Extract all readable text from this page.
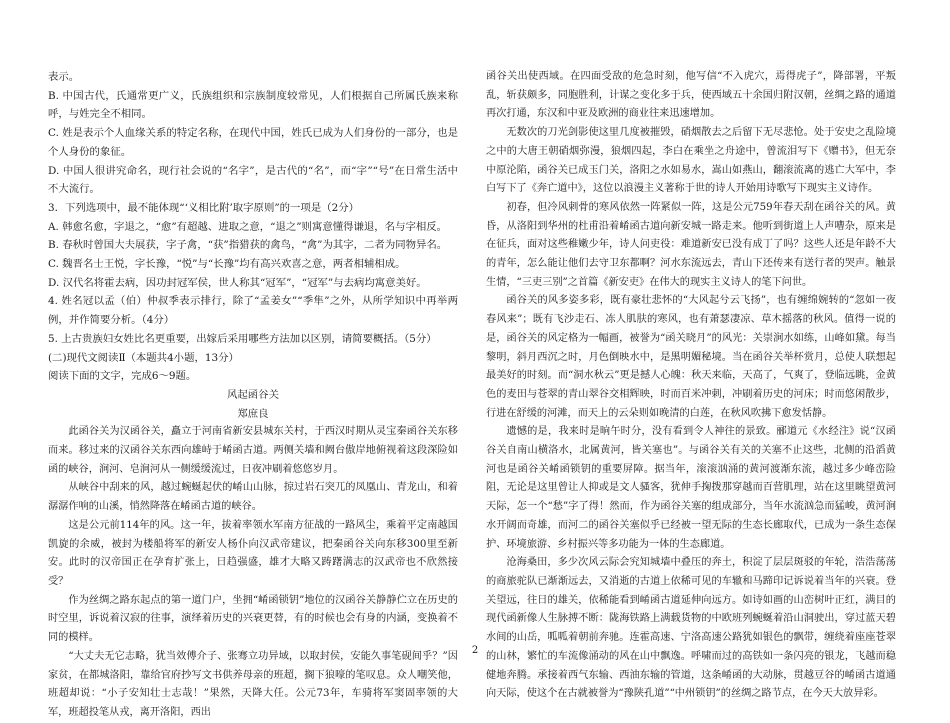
表示。

B. 中国古代，氏通常更广义，氏族组织和宗族制度较常见，人们根据自己所属氏族来称呼，与姓完全不相同。

C. 姓是表示个人血缘关系的特定名称，在现代中国，姓氏已成为人们身份的一部分，也是个人身份的象征。

D. 中国人很讲究命名，现行社会说的“名字”，是古代的“名”，而“字”“号”在日常生活中不大流行。

3．下列选项中，最不能体现“‘义相比附’取字原则”的一项是（2分）

A. 韩愈名愈，字退之，“愈”有超越、进取之意，“退之”则寓意懂得谦退，名与字相反。

B. 春秋时曾国大夫展获，字子禽，“获”指猎获的禽鸟，“禽”为其字，二者为同物异名。

C. 魏晋名士王悦，字长豫，“悦”与“长豫”均有高兴欢喜之意，两者相辅相成。

D. 汉代名将霍去病，因功封冠军侯，世人称其“冠军”，“冠军”与去病均寓意美好。

4. 姓名冠以孟（伯）仲叔季表示排行，除了“孟姜女”“季隼”之外，从所学知识中再举两例，并作简要分析。（4分）

5. 上古贵族妇女姓比名更重要，出嫁后采用哪些方法加以区别，请简要概括。（5分）

(二)现代文阅读Ⅱ（本题共4小题，13分）

阅读下面的文字，完成6～9题。

风起函谷关

郑庶良

此函谷关为汉函谷关，矗立于河南省新安县城东关村，于西汉时期从灵宝秦函谷关东移而来。移过来的汉函谷关东西向雄峙于崤函古道。两侧关墙和阙台傲岸地俯视着这段深险如函的峡谷，涧河、皂涧河从一侧缓缓流过，日夜冲刷着悠悠岁月。

从峡谷中刮来的风，越过蜿蜒起伏的崤山山脉，掠过岩石突兀的凤凰山、青龙山，和着潺潺作响的山溪，悄然降落在崤函古道的峡谷。

这是公元前114年的风。这一年，拔着率领水军南方征战的一路风尘，乘着平定南越国凯旋的余威，被封为楼船将军的新安人杨仆向汉武帝建议，把秦函谷关向东移300里至新安。此时的汉帝国正在孕育扩张上，日趋强盛，雄才大略又踌躇满志的汉武帝也不欣然接受？

作为丝绸之路东起点的第一道门户，坐拥“崤函锁钥”地位的汉函谷关静静伫立在历史的时空里，诉说着汉寂的往事，演绎着历史的兴衰更替，有的时候也会有身的内涵，变换着不同的模样。

“大丈夫无它志略，犹当效傅介子、张骞立功异域，以取封侯，安能久事笔砚间乎？”因家贫，在都城洛阳，靠给官府抄写文书供养母亲的班超，搁下狼嚎的笔叹息。众人嘲笑他，班超却说：“小子安知壮士志哉！”果然，天降大任。公元73年，车骑将军窦固率领的大军，班超投笔从戎，离开洛阳，西出

函谷关出使西域。在四面受敌的危急时刻，他写信“不入虎穴，焉得虎子”，降部署，平叛乱，斩获颇多，同胞胜利，计谋之变化多于兵，使西域五十余国归附汉朝，丝绸之路的通道再次打通，东汉和中亚及欧洲的商业往来迅速增加。

无数次的刀光剑影使这里几度被摧毁，硝烟散去之后留下无尽悲怆。处于安史之乱险境之中的大唐王朝硝烟弥漫，狼烟四起，李白在乘坐之舟途中，曾流泪写下《赠书》，但无奈中原沦陷，函谷关已成玉门关，洛阳之水如易水，嵩山如燕山，翻滚流离的逃亡大军中，李白写下了《奔亡道中》，这位以浪漫主义著称于世的诗人开始用诗歌写下现实主义诗作。

初春，但冷风刺骨的寒风依然一阵紧似一阵，这是公元759年春天刮在函谷关的风。黄昏，从洛阳到华州的杜甫沿着崤函古道向新安城一路走来。他听到街道上人声嘈杂，原来是在征兵，面对这些稚嫩少年，诗人问吏役：难道新安已没有成丁了吗？这些人还是年龄不大的青年，怎么能让他们去守卫东都啊？河水东流远去，青山下还传来有送行者的哭声。触景生情，“三吏三别”之首篇《新安吏》在伟大的现实主义诗人的笔下问世。

函谷关的风多姿多彩，既有豪壮悲怀的“大风起兮云飞扬”，也有缠绵婉转的“忽如一夜春风来”；既有飞沙走石、冻人肌肤的寒风，也有萧瑟凄凉、草木摇落的秋风。值得一说的是，函谷关的风定格为一幅画，被誉为“函关晓月”的风光：关崇涧水如练，山峰如黛。每当黎明，斜月西沉之时，月色倒映水中，是黑明媚秘境。当在函谷关举杯赏月，总使人联想起最美好的时刻。而“洞水秋云”更是撼人心魄：秋天来临，天高了，气爽了，登临远眺，金黄色的麦田与苍翠的青山翠谷交相辉映，时而百米冲刺，冲刷着历史的河床；时而悠闲散步，行进在舒缓的河滩，而天上的云朵则如晚清的白莲，在秋风吹拂下愈发恬静。

遗憾的是，我来时是晌午时分，没有看到令人神往的景致。郦道元《水经注》说“汉函谷关自南山横洛水，北属黄河，皆关塞也”。与函谷关有关的关塞不止这些，北侧的沿滔黄河也是函谷关崤函锁钥的重要屏障。据当年，滚滚汹涌的黄河渡渐东流，越过多少峰峦险阻，无论是这里曾让人抑或是文人骚客，犹伸手掬拨那穿越而百营肌理，站在这里眺望黄河天际，怎一个“愁”字了得！然而，作为函谷关塞的组成部分，当年水流汹急而猛峻，黄河涧水开阔而奇雄，而河二的函谷关塞似乎已经被一望无际的生态长廊取代，已成为一条生态保护、环境旅游、乡村振兴等多功能为一体的生态廊道。

沧海桑田，多少次风云际会究知城墙中叠压的奔土，积淀了层层斑驳的年轮，浩浩荡荡的商旅驼队已渐渐远去，又消逝的古道上依稀可见的车辙和马蹄印记诉说着当年的兴衰。登关望远，往日的雄关，依稀能看到崤函古道延伸向远方。如诗如画的山峦树叶正红，满目的现代函新像人生脉搏不断：陇海铁路上满载货物的中欧班列蜿蜒着沿山洞驶出，穿过蓝天碧水间的山岳，呱呱着朝前奔驰。连霍高速、宁洛高速公路犹如银色的飘带，缠绕着座座苍翠的山林，繁忙的车流像涌动的风在山中飘逸。呼啸而过的高铁如一条闪亮的银龙，飞越而稳健地奔腾。承接着西气东输、西油东输的管道，这条崤函的大动脉，贯越豆谷的崤函古道通向天际，使这个在古就被誉为“豫陕孔道”“中州锁钥”的丝绸之路节点，在今天大放异彩。

2
